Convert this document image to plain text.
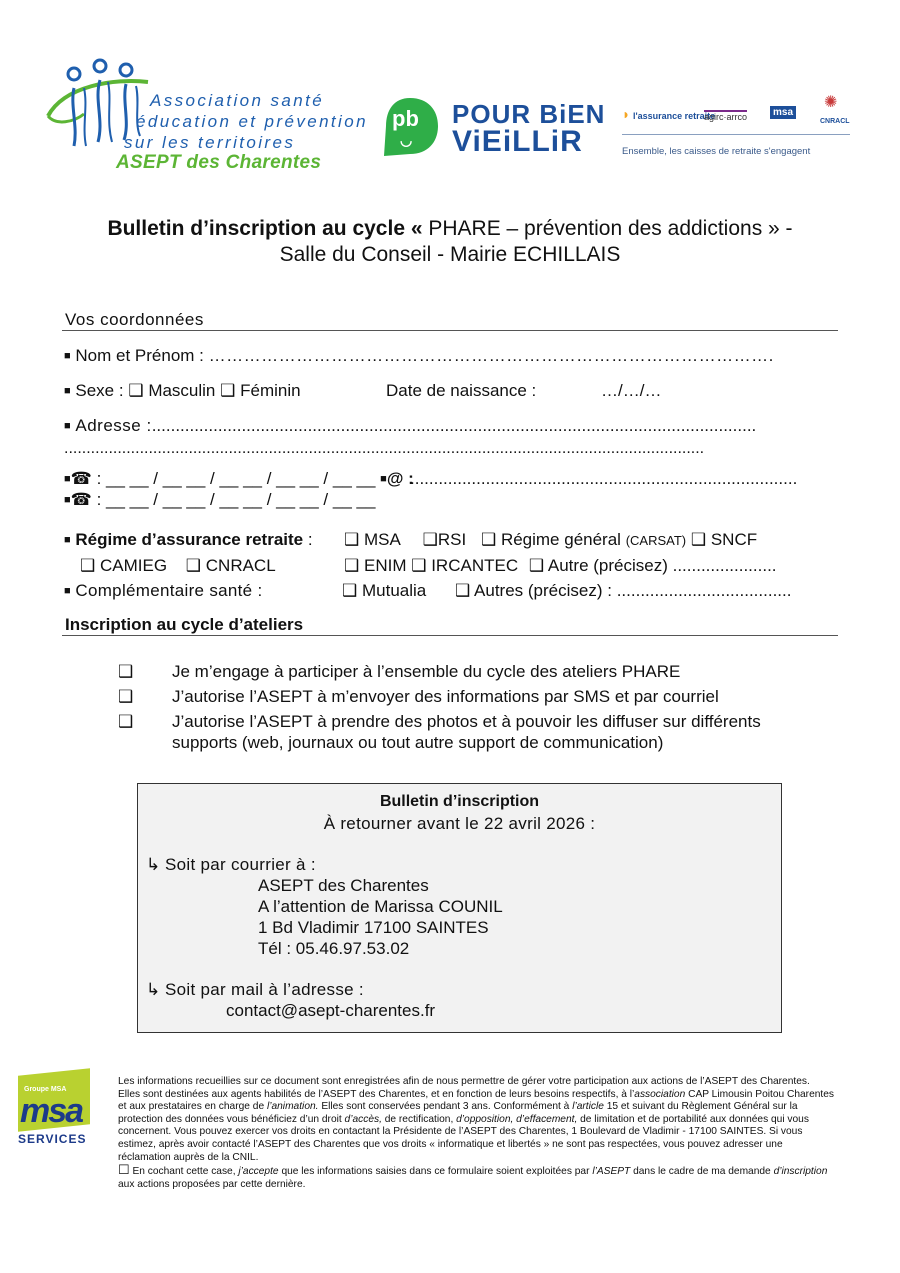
Association santé
éducation et prévention
sur les territoires
ASEPT des Charentes
pb
◡
POUR BiEN
ViEiLLiR
◗ l'assurance retraite
agirc·arrco	msa
CNRACL
✺
Ensemble, les caisses de retraite s'engagent
Bulletin d’inscription au cycle « PHARE – prévention des addictions » -
Salle du Conseil - Mairie ECHILLAIS
Vos coordonnées
■ Nom et Prénom : …………………………………………………………………………………….
■ Sexe : ❑ Masculin ❑ Féminin	Date de naissance :	…/…/…
■ Adresse :................................................................................................................................
................................................................................................................................................
■☎ : __ __ / __ __ / __ __ / __ __ / __ __ ■@ :
..................................................................................
■☎ : __ __ / __ __ / __ __ / __ __ / __ __
■ Régime d’assurance retraite : ❑ MSA ❑RSI ❑ Régime général (CARSAT) ❑ SNCF
❑ CAMIEG ❑ CNRACL	❑ ENIM ❑ IRCANTEC ❑ Autre (précisez) ......................
■ Complémentaire santé :	❑ Mutualia ❑ Autres (précisez) : .....................................
Inscription au cycle d’ateliers
❑ Je m’engage à participer à l’ensemble du cycle des ateliers PHARE
❑ J’autorise l’ASEPT à m’envoyer des informations par SMS et par courriel
❑ J’autorise l’ASEPT à prendre des photos et à pouvoir les diffuser sur différents
supports (web, journaux ou tout autre support de communication)
Bulletin d’inscription
À retourner avant le 22 avril 2026 :
↳ Soit par courrier à :
ASEPT des Charentes
A l’attention de Marissa COUNIL
1 Bd Vladimir 17100 SAINTES
Tél : 05.46.97.53.02
↳ Soit par mail à l’adresse :
contact@asept-charentes.fr
Groupe MSA
msa
SERVICES
Les informations recueillies sur ce document sont enregistrées afin de nous permettre de gérer votre participation aux actions de l’ASEPT des Charentes. Elles sont destinées aux agents habilités de l’ASEPT des Charentes, et en fonction de leurs besoins respectifs, à l’association CAP Limousin Poitou Charentes et aux prestataires en charge de l’animation. Elles sont conservées pendant 3 ans. Conformément à l’article 15 et suivant du Règlement Général sur la protection des données vous bénéficiez d’un droit d’accès, de rectification, d’opposition, d’effacement, de limitation et de portabilité aux données qui vous concernent. Vous pouvez exercer vos droits en contactant la Présidente de l’ASEPT des Charentes, 1 Boulevard de Vladimir - 17100 SAINTES. Si vous estimez, après avoir contacté l’ASEPT des Charentes que vos droits « informatique et libertés » ne sont pas respectées, vous pouvez adresser une réclamation auprès de la CNIL.
☐ En cochant cette case, j’accepte que les informations saisies dans ce formulaire soient exploitées par l’ASEPT dans le cadre de ma demande d’inscription aux actions proposées par cette dernière.
